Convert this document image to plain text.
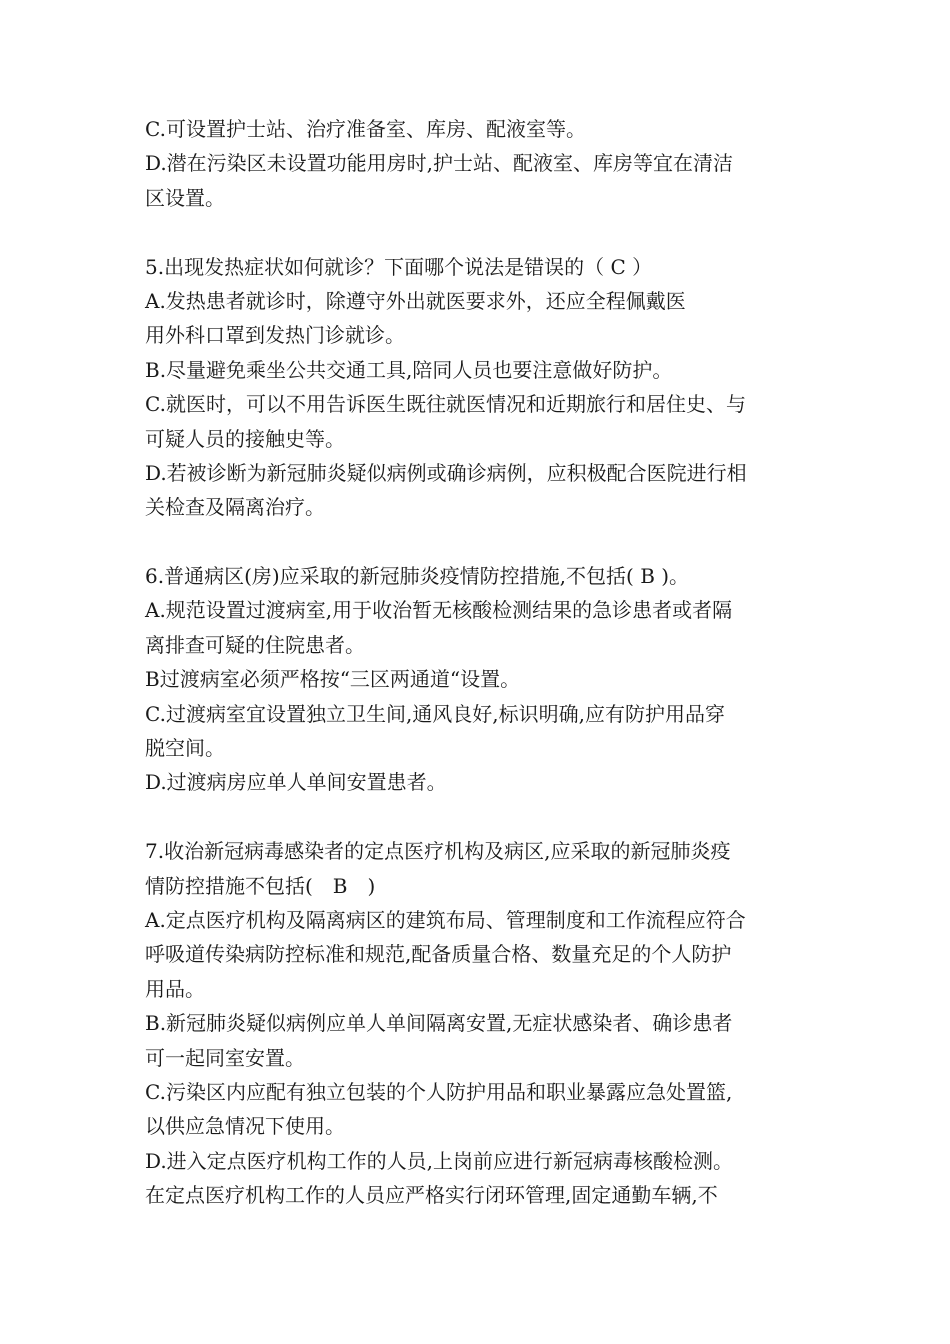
C.可设置护士站、治疗准备室、库房、配液室等。
D.潜在污染区未设置功能用房时,护士站、配液室、库房等宜在清洁
区设置。
5.出现发热症状如何就诊？下面哪个说法是错误的（ C ）
A.发热患者就诊时，除遵守外出就医要求外，还应全程佩戴医
用外科口罩到发热门诊就诊。
B.尽量避免乘坐公共交通工具,陪同人员也要注意做好防护。
C.就医时，可以不用告诉医生既往就医情况和近期旅行和居住史、与
可疑人员的接触史等。
D.若被诊断为新冠肺炎疑似病例或确诊病例，应积极配合医院进行相
关检查及隔离治疗。
6.普通病区(房)应采取的新冠肺炎疫情防控措施,不包括( B )。
A.规范设置过渡病室,用于收治暂无核酸检测结果的急诊患者或者隔
离排查可疑的住院患者。
B过渡病室必须严格按“三区两通道“设置。
C.过渡病室宜设置独立卫生间,通风良好,标识明确,应有防护用品穿
脱空间。
D.过渡病房应单人单间安置患者。
7.收治新冠病毒感染者的定点医疗机构及病区,应采取的新冠肺炎疫
情防控措施不包括(　B　)
A.定点医疗机构及隔离病区的建筑布局、管理制度和工作流程应符合
呼吸道传染病防控标准和规范,配备质量合格、数量充足的个人防护
用品。
B.新冠肺炎疑似病例应单人单间隔离安置,无症状感染者、确诊患者
可一起同室安置。
C.污染区内应配有独立包装的个人防护用品和职业暴露应急处置篮,
以供应急情况下使用。
D.进入定点医疗机构工作的人员,上岗前应进行新冠病毒核酸检测。
在定点医疗机构工作的人员应严格实行闭环管理,固定通勤车辆,不
